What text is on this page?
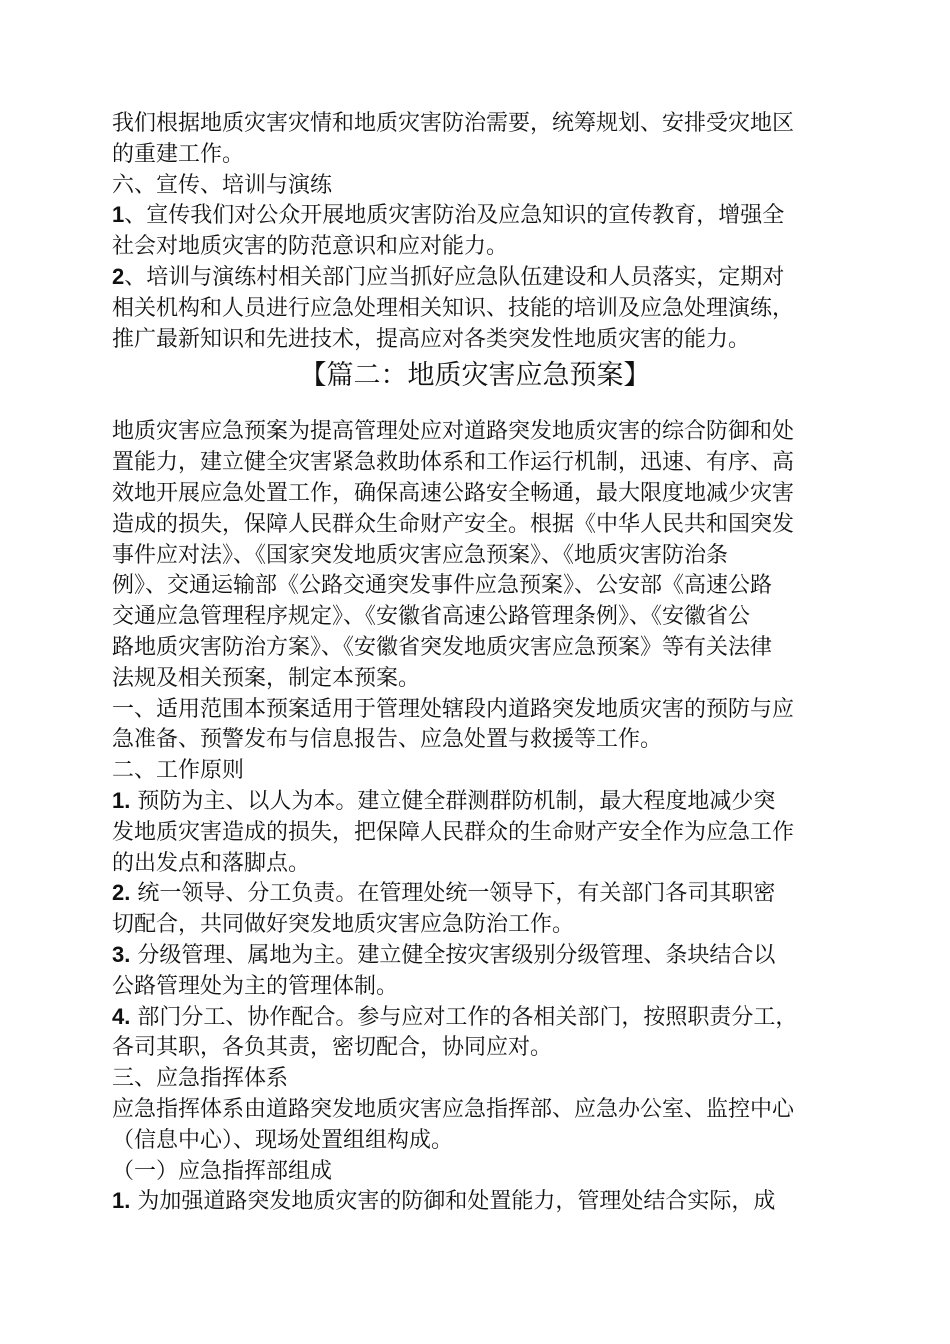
我们根据地质灾害灾情和地质灾害防治需要，统筹规划、安排受灾地区
的重建工作。
六、宣传、培训与演练
1、宣传我们对公众开展地质灾害防治及应急知识的宣传教育，增强全
社会对地质灾害的防范意识和应对能力。
2、培训与演练村相关部门应当抓好应急队伍建设和人员落实，定期对
相关机构和人员进行应急处理相关知识、技能的培训及应急处理演练，
推广最新知识和先进技术，提高应对各类突发性地质灾害的能力。
【篇二：地质灾害应急预案】
地质灾害应急预案为提高管理处应对道路突发地质灾害的综合防御和处
置能力，建立健全灾害紧急救助体系和工作运行机制，迅速、有序、高
效地开展应急处置工作，确保高速公路安全畅通，最大限度地减少灾害
造成的损失，保障人民群众生命财产安全。根据《中华人民共和国突发
事件应对法》、《国家突发地质灾害应急预案》、《地质灾害防治条
例》、交通运输部《公路交通突发事件应急预案》、公安部《高速公路
交通应急管理程序规定》、《安徽省高速公路管理条例》、《安徽省公
路地质灾害防治方案》、《安徽省突发地质灾害应急预案》等有关法律
法规及相关预案，制定本预案。
一、适用范围本预案适用于管理处辖段内道路突发地质灾害的预防与应
急准备、预警发布与信息报告、应急处置与救援等工作。
二、工作原则
1. 预防为主、以人为本。建立健全群测群防机制，最大程度地减少突
发地质灾害造成的损失，把保障人民群众的生命财产安全作为应急工作
的出发点和落脚点。
2. 统一领导、分工负责。在管理处统一领导下，有关部门各司其职密
切配合，共同做好突发地质灾害应急防治工作。
3. 分级管理、属地为主。建立健全按灾害级别分级管理、条块结合以
公路管理处为主的管理体制。
4. 部门分工、协作配合。参与应对工作的各相关部门，按照职责分工，
各司其职，各负其责，密切配合，协同应对。
三、应急指挥体系
应急指挥体系由道路突发地质灾害应急指挥部、应急办公室、监控中心
（信息中心）、现场处置组组构成。
（一）应急指挥部组成
1. 为加强道路突发地质灾害的防御和处置能力，管理处结合实际，成
